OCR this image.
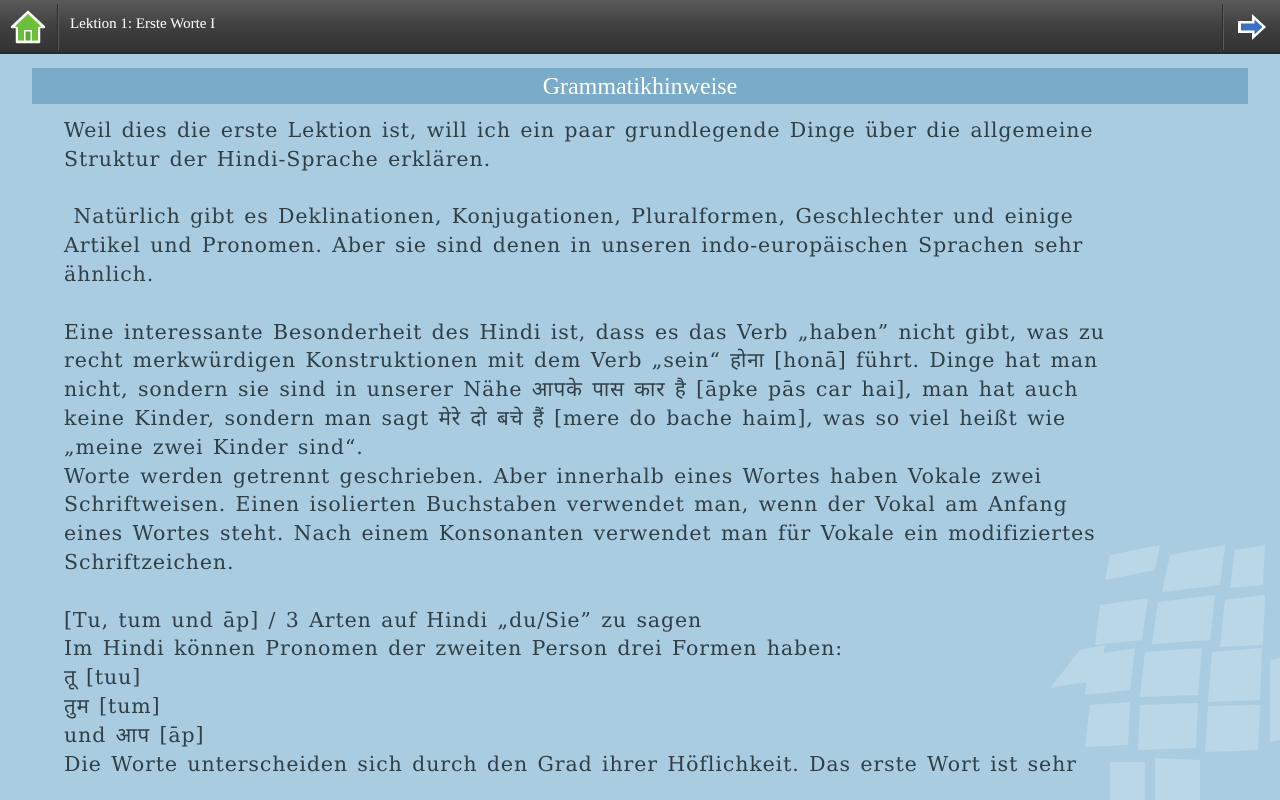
Lektion 1: Erste Worte I
Grammatikhinweise

Weil dies die erste Lektion ist, will ich ein paar grundlegende Dinge über die allgemeine

Struktur der Hindi-Sprache erklären.

Natürlich gibt es Deklinationen, Konjugationen, Pluralformen, Geschlechter und einige

Artikel und Pronomen. Aber sie sind denen in unseren indo-europäischen Sprachen sehr

ähnlich.

Eine interessante Besonderheit des Hindi ist, dass es das Verb „haben” nicht gibt, was zu

recht merkwürdigen Konstruktionen mit dem Verb „sein“ होना [honā] führt. Dinge hat man

nicht, sondern sie sind in unserer Nähe आपके पास कार है [āpke pās car hai], man hat auch

keine Kinder, sondern man sagt मेरे दो बचे हैं [mere do bache haim], was so viel heißt wie

„meine zwei Kinder sind“.

Worte werden getrennt geschrieben. Aber innerhalb eines Wortes haben Vokale zwei

Schriftweisen. Einen isolierten Buchstaben verwendet man, wenn der Vokal am Anfang

eines Wortes steht. Nach einem Konsonanten verwendet man für Vokale ein modifiziertes

Schriftzeichen.

[Tu, tum und āp] / 3 Arten auf Hindi „du/Sie” zu sagen

Im Hindi können Pronomen der zweiten Person drei Formen haben:

तू [tuu]

तुम [tum]

und आप [āp]

Die Worte unterscheiden sich durch den Grad ihrer Höflichkeit. Das erste Wort ist sehr
